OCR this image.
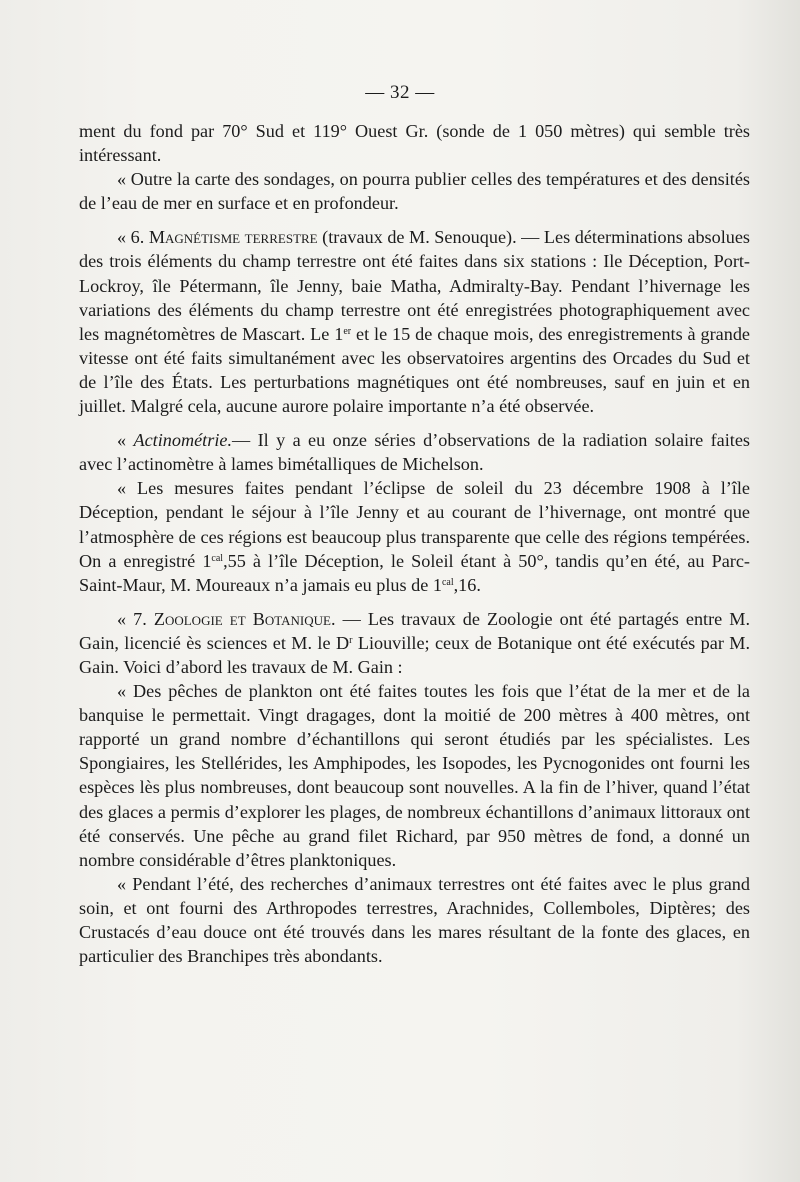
— 32 —

ment du fond par 70° Sud et 119° Ouest Gr. (sonde de 1 050 mètres) qui semble très intéressant.

« Outre la carte des sondages, on pourra publier celles des températures et des densités de l’eau de mer en surface et en profondeur.

« 6. Magnétisme terrestre (travaux de M. Senouque). — Les déterminations absolues des trois éléments du champ terrestre ont été faites dans six stations : Ile Déception, Port-Lockroy, île Pétermann, île Jenny, baie Matha, Admiralty-Bay. Pendant l’hivernage les variations des éléments du champ terrestre ont été enregistrées photographiquement avec les magnétomètres de Mascart. Le 1er et le 15 de chaque mois, des enregistrements à grande vitesse ont été faits simultanément avec les observatoires argentins des Orcades du Sud et de l’île des États. Les perturbations magnétiques ont été nombreuses, sauf en juin et en juillet. Malgré cela, aucune aurore polaire importante n’a été observée.

« Actinométrie.— Il y a eu onze séries d’observations de la radiation solaire faites avec l’actinomètre à lames bimétalliques de Michelson.

« Les mesures faites pendant l’éclipse de soleil du 23 décembre 1908 à l’île Déception, pendant le séjour à l’île Jenny et au courant de l’hivernage, ont montré que l’atmosphère de ces régions est beaucoup plus transparente que celle des régions tempérées. On a enregistré $1^{cal},55$ à l’île Déception, le Soleil étant à 50°, tandis qu’en été, au Parc-Saint-Maur, M. Moureaux n’a jamais eu plus de $1^{cal},16$.

« 7. Zoologie et Botanique. — Les travaux de Zoologie ont été partagés entre M. Gain, licencié ès sciences et M. le $D^r$ Liouville; ceux de Botanique ont été exécutés par M. Gain. Voici d’abord les travaux de M. Gain :

« Des pêches de plankton ont été faites toutes les fois que l’état de la mer et de la banquise le permettait. Vingt dragages, dont la moitié de 200 mètres à 400 mètres, ont rapporté un grand nombre d’échantillons qui seront étudiés par les spécialistes. Les Spongiaires, les Stellérides, les Amphipodes, les Isopodes, les Pycnogonides ont fourni les espèces lès plus nombreuses, dont beaucoup sont nouvelles. A la fin de l’hiver, quand l’état des glaces a permis d’explorer les plages, de nombreux échantillons d’animaux littoraux ont été conservés. Une pêche au grand filet Richard, par 950 mètres de fond, a donné un nombre considérable d’êtres planktoniques.

« Pendant l’été, des recherches d’animaux terrestres ont été faites avec le plus grand soin, et ont fourni des Arthropodes terrestres, Arachnides, Collemboles, Diptères; des Crustacés d’eau douce ont été trouvés dans les mares résultant de la fonte des glaces, en particulier des Branchipes très abondants.
